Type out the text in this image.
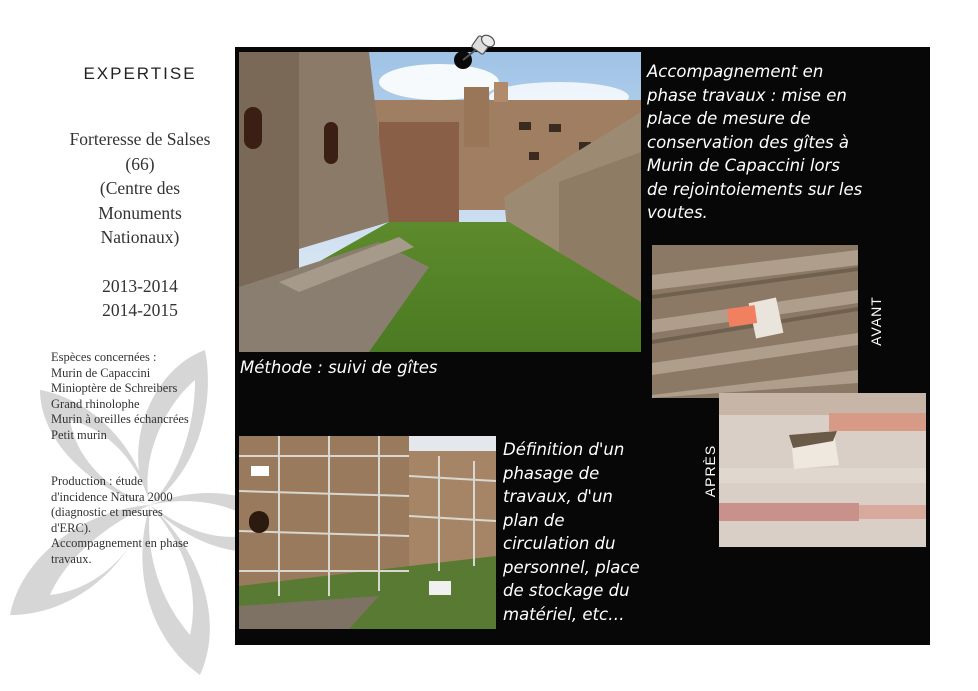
EXPERTISE
Forteresse de Salses
(66)
(Centre des
Monuments
Nationaux)
2013-2014
2014-2015
Espèces concernées :
Murin de Capaccini
Minioptère de Schreibers
Grand rhinolophe
Murin à oreilles échancrées
Petit murin
Production : étude
d'incidence Natura 2000
(diagnostic et mesures
d'ERC).
Accompagnement en phase
travaux.
Accompagnement en
phase travaux : mise en
place de mesure de
conservation des gîtes à
Murin de Capaccini lors
de rejointoiements sur les
voutes.
Méthode : suivi de gîtes
Définition d'un
phasage de
travaux, d'un
plan de
circulation du
personnel, place
de stockage du
matériel, etc…
AVANT
APRÈS
